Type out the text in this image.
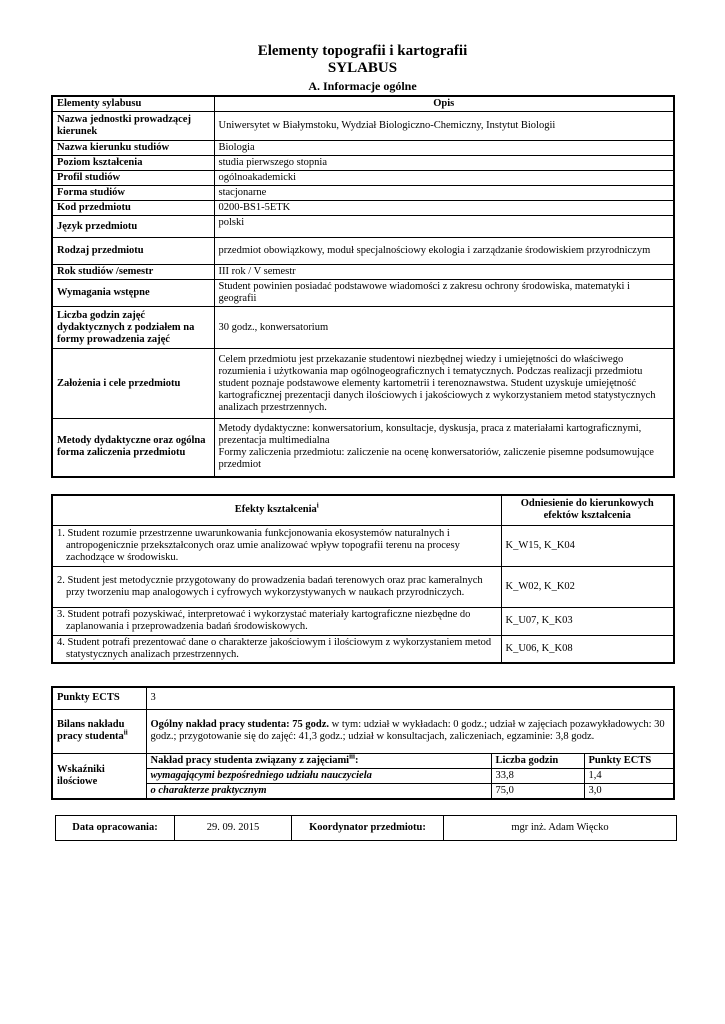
Elementy topografii i kartografii
SYLABUS
A. Informacje ogólne
Elementy sylabusu	Opis
Nazwa jednostki prowadzącej kierunek	Uniwersytet w Białymstoku, Wydział Biologiczno-Chemiczny, Instytut Biologii
Nazwa kierunku studiów	Biologia
Poziom kształcenia	studia pierwszego stopnia
Profil studiów	ogólnoakademicki
Forma studiów	stacjonarne
Kod przedmiotu	0200-BS1-5ETK
Język przedmiotu	polski
Rodzaj przedmiotu	przedmiot obowiązkowy, moduł specjalnościowy ekologia i zarządzanie środowiskiem przyrodniczym
Rok studiów /semestr	III rok / V semestr
Wymagania wstępne	Student powinien posiadać podstawowe wiadomości z zakresu ochrony środowiska, matematyki i geografii
Liczba godzin zajęć dydaktycznych z podziałem na formy prowadzenia zajęć	30 godz., konwersatorium
Założenia i cele przedmiotu	Celem przedmiotu jest przekazanie studentowi niezbędnej wiedzy i umiejętności do właściwego rozumienia i użytkowania map ogólnogeograficznych i tematycznych. Podczas realizacji przedmiotu student poznaje podstawowe elementy kartometrii i terenoznawstwa. Student uzyskuje umiejętność kartograficznej prezentacji danych ilościowych i jakościowych z wykorzystaniem metod statystycznych analizach przestrzennych.
Metody dydaktyczne oraz ogólna forma zaliczenia przedmiotu	Metody dydaktyczne: konwersatorium, konsultacje, dyskusja, praca z materiałami kartograficznymi, prezentacja multimedialna
Formy zaliczenia przedmiotu: zaliczenie na ocenę konwersatoriów, zaliczenie pisemne podsumowujące przedmiot
Efekty kształcenia$^i$	Odniesienie do kierunkowych efektów kształcenia
1. Student rozumie przestrzenne uwarunkowania funkcjonowania ekosystemów naturalnych i antropogenicznie przekształconych oraz umie analizować wpływ topografii terenu na procesy zachodzące w środowisku.	K_W15, K_K04
2. Student jest metodycznie przygotowany do prowadzenia badań terenowych oraz prac kameralnych przy tworzeniu map analogowych i cyfrowych wykorzystywanych w naukach przyrodniczych.	K_W02, K_K02
3. Student potrafi pozyskiwać, interpretować i wykorzystać materiały kartograficzne niezbędne do zaplanowania i przeprowadzenia badań środowiskowych.	K_U07, K_K03
4. Student potrafi prezentować dane o charakterze jakościowym i ilościowym z wykorzystaniem metod statystycznych analizach przestrzennych.	K_U06, K_K08
Punkty ECTS	3		
Bilans nakładu pracy studenta$^{ii}$	Ogólny nakład pracy studenta: 75 godz. w tym: udział w wykładach: 0 godz.; udział w zajęciach pozawykładowych: 30 godz.; przygotowanie się do zajęć: 41,3 godz.; udział w konsultacjach, zaliczeniach, egzaminie: 3,8 godz.		
Wskaźniki ilościowe	Nakład pracy studenta związany z zajęciami$^{iii}$:	Liczba godzin	Punkty ECTS
	wymagającymi bezpośredniego udziału nauczyciela	33,8	1,4
	o charakterze praktycznym	75,0	3,0
Data opracowania:	29. 09. 2015	Koordynator przedmiotu:	mgr inż. Adam Więcko
